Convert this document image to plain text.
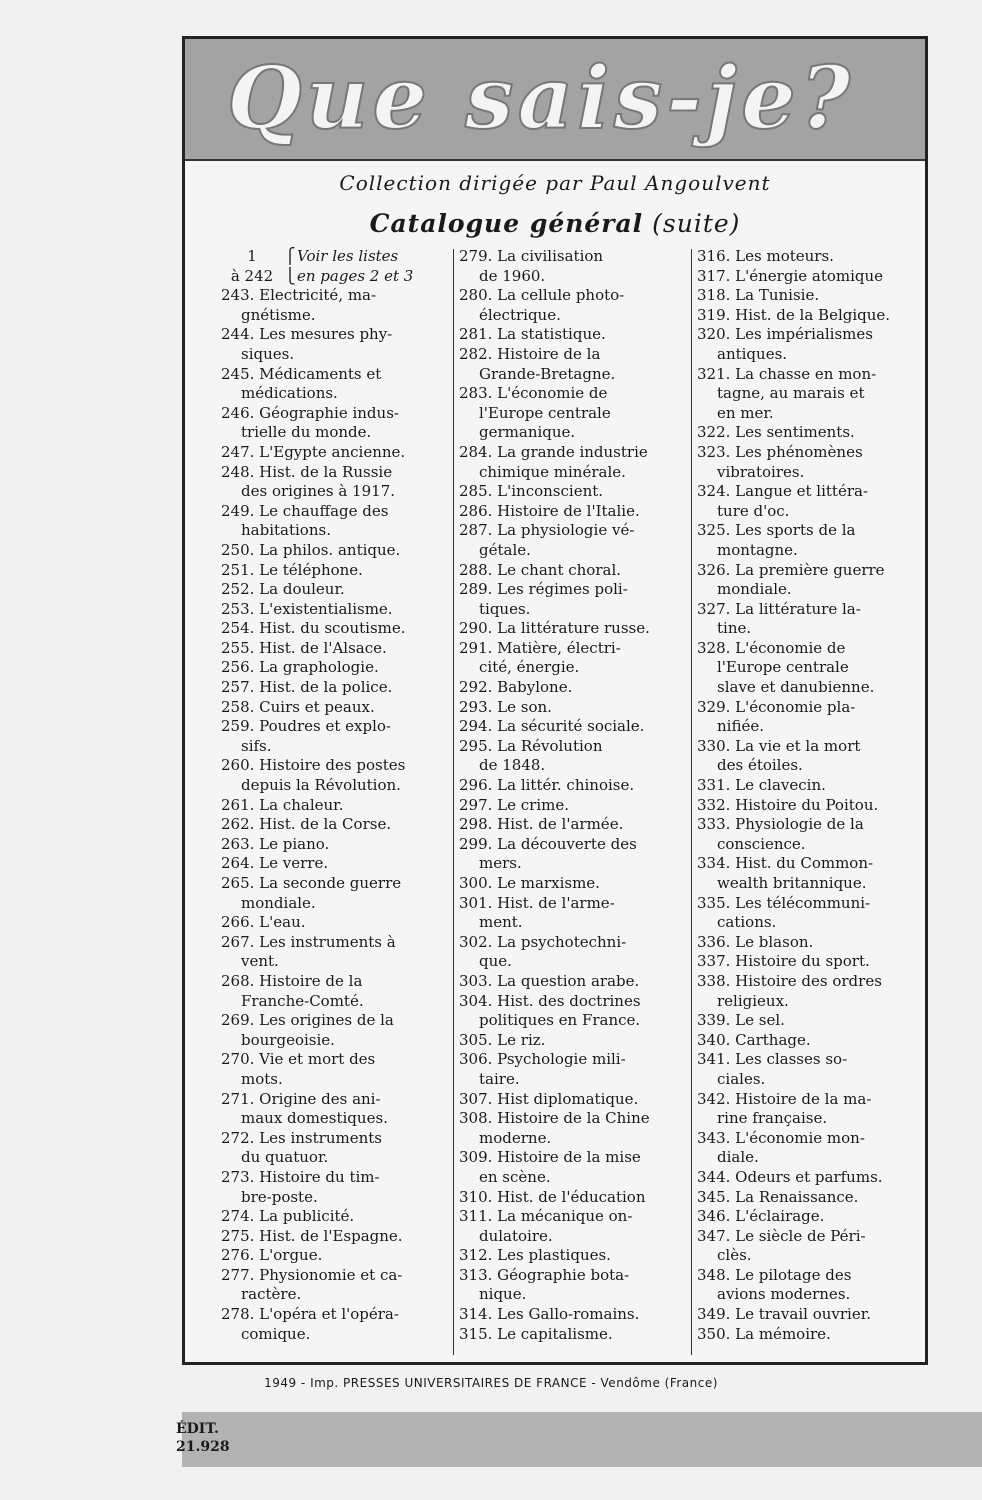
Que sais-je?
Collection dirigée par Paul Angoulvent
Catalogue général (suite)
1	⎧ Voir les listes
à 242 ⎩ en pages 2 et 3
243. Electricité, ma-
gnétisme.
244. Les mesures phy-
siques.
245. Médicaments et
médications.
246. Géographie indus-
trielle du monde.
247. L'Egypte ancienne.
248. Hist. de la Russie
des origines à 1917.
249. Le chauffage des
habitations.
250. La philos. antique.
251. Le téléphone.
252. La douleur.
253. L'existentialisme.
254. Hist. du scoutisme.
255. Hist. de l'Alsace.
256. La graphologie.
257. Hist. de la police.
258. Cuirs et peaux.
259. Poudres et explo-
sifs.
260. Histoire des postes
depuis la Révolution.
261. La chaleur.
262. Hist. de la Corse.
263. Le piano.
264. Le verre.
265. La seconde guerre
mondiale.
266. L'eau.
267. Les instruments à
vent.
268. Histoire de la
Franche-Comté.
269. Les origines de la
bourgeoisie.
270. Vie et mort des
mots.
271. Origine des ani-
maux domestiques.
272. Les instruments
du quatuor.
273. Histoire du tim-
bre-poste.
274. La publicité.
275. Hist. de l'Espagne.
276. L'orgue.
277. Physionomie et ca-
ractère.
278. L'opéra et l'opéra-
comique.
279. La civilisation
de 1960.
280. La cellule photo-
électrique.
281. La statistique.
282. Histoire de la
Grande-Bretagne.
283. L'économie de
l'Europe centrale
germanique.
284. La grande industrie
chimique minérale.
285. L'inconscient.
286. Histoire de l'Italie.
287. La physiologie vé-
gétale.
288. Le chant choral.
289. Les régimes poli-
tiques.
290. La littérature russe.
291. Matière, électri-
cité, énergie.
292. Babylone.
293. Le son.
294. La sécurité sociale.
295. La Révolution
de 1848.
296. La littér. chinoise.
297. Le crime.
298. Hist. de l'armée.
299. La découverte des
mers.
300. Le marxisme.
301. Hist. de l'arme-
ment.
302. La psychotechni-
que.
303. La question arabe.
304. Hist. des doctrines
politiques en France.
305. Le riz.
306. Psychologie mili-
taire.
307. Hist diplomatique.
308. Histoire de la Chine
moderne.
309. Histoire de la mise
en scène.
310. Hist. de l'éducation
311. La mécanique on-
dulatoire.
312. Les plastiques.
313. Géographie bota-
nique.
314. Les Gallo-romains.
315. Le capitalisme.
316. Les moteurs.
317. L'énergie atomique
318. La Tunisie.
319. Hist. de la Belgique.
320. Les impérialismes
antiques.
321. La chasse en mon-
tagne, au marais et
en mer.
322. Les sentiments.
323. Les phénomènes
vibratoires.
324. Langue et littéra-
ture d'oc.
325. Les sports de la
montagne.
326. La première guerre
mondiale.
327. La littérature la-
tine.
328. L'économie de
l'Europe centrale
slave et danubienne.
329. L'économie pla-
nifiée.
330. La vie et la mort
des étoiles.
331. Le clavecin.
332. Histoire du Poitou.
333. Physiologie de la
conscience.
334. Hist. du Common-
wealth britannique.
335. Les télécommuni-
cations.
336. Le blason.
337. Histoire du sport.
338. Histoire des ordres
religieux.
339. Le sel.
340. Carthage.
341. Les classes so-
ciales.
342. Histoire de la ma-
rine française.
343. L'économie mon-
diale.
344. Odeurs et parfums.
345. La Renaissance.
346. L'éclairage.
347. Le siècle de Péri-
clès.
348. Le pilotage des
avions modernes.
349. Le travail ouvrier.
350. La mémoire.
1949 - Imp. PRESSES UNIVERSITAIRES DE FRANCE - Vendôme (France)
ÉDIT.
21.928
